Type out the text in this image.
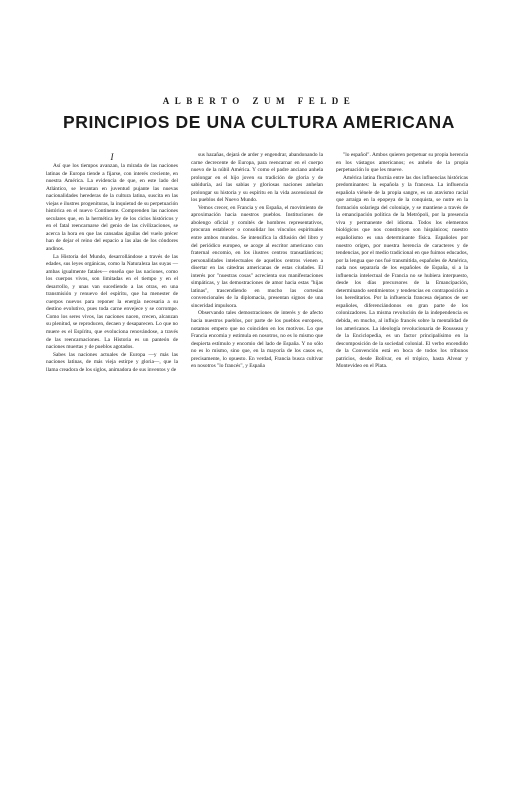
ALBERTO ZUM FELDE
PRINCIPIOS DE UNA CULTURA AMERICANA
I

Así que los tiempos avanzan, la mirada de las naciones latinas de Europa tiende a fijarse, con interés creciente, en nuestra América. La evidencia de que, en este lado del Atlántico, se levantan en juventud pujante las nuevas nacionalidades herederas de la cultura latina, suscita en las viejas e ilustres progenituras, la inquietud de su perpetuación histórica en el nuevo Continente. Comprenden las naciones seculares que, en la hermética ley de los ciclos históricos y en el fatal reencarnarse del genio de las civilizaciones, se acerca la hora en que las cansadas águilas del vuelo précer han de dejar el reino del espacio a las alas de los cóndores andinos.

La Historia del Mundo, desarrollándose a través de las edades, sus leyes orgánicas, como la Naturaleza las suyas —ambas igualmente fatales— enseña que las naciones, como los cuerpos vivos, son limitadas en el tiempo y en el desarrollo, y unas van sucediendo a las otras, en una transmisión y renuevo del espíritu, que ha menester de cuerpos nuevos para reponer la energía necesaria a su destino evolutivo, pues toda carne envejece y se corrompe. Como los seres vivos, las naciones nacen, crecen, alcanzan su plenitud, se reproducen, decaen y desaparecen. Lo que no muere es el Espíritu, que evoluciona renovándose, a través de las reencarnaciones. La Historia es un panteón de naciones muertas y de pueblos agotados.

Sabes las naciones actuales de Europa —y más las naciones latinas, de más vieja estirpe y gloria—, que la llama creadora de los siglos, animadora de sus inventos y de

sus hazañas, dejará de arder y engendrar, abandonando la carne decrecente de Europa, para reencarnar en el cuerpo nuevo de la núbil América. Y como el padre anciano anhela prolongar en el hijo joven su tradición de gloria y de sabiduría, así las sabias y gloriosas naciones anhelan prolongar su historia y su espíritu en la vida ascensional de los pueblos del Nuevo Mundo.

Vemos crecer, en Francia y en España, el movimiento de aproximación hacia nuestros pueblos. Instituciones de abolengo oficial y comités de hombres representativos, procuran establecer o consolidar los vínculos espirituales entre ambos mundos. Se intensifica la difusión del libro y del periódico europeo, se acoge al escritor americano con fraternal encomio, en los ilustres centros transatlánticos; personalidades intelectuales de aquellos centros vienen a disertar en las cátedras americanas de estas ciudades. El interés por "nuestras cosas" acrecienta sus manifestaciones simpáticas, y las demostraciones de amor hacia estas "hijas latinas", trascendiendo en mucho las cortesías convencionales de la diplomacia, presentan signos de una sinceridad impulsora.

Observando tales demostraciones de interés y de afecto hacia nuestros pueblos, por parte de los pueblos europeos, notamos empero que no coinciden en los motivos. Lo que Francia encomia y estimula en nosotros, no es lo mismo que despierta estímulo y encomio del lado de España. Y no sólo no es lo mismo, sino que, en la mayoría de los casos es, precisamente, lo opuesto. En verdad, Francia busca cultivar en nosotros "lo francés", y España

"lo español". Ambos quieren perpetuar su propia herencia en los vástagos americanos; es anhelo de la propia perpetuación lo que les mueve.

América latina fluctúa entre las dos influencias históricas predominantes: la española y la francesa. La influencia española viénele de la propia sangre, es un atavismo racial que arraiga en la epopeya de la conquista, se nutre en la formación solariega del coloniaje, y se mantiene a través de la emancipación política de la Metrópoli, por la presencia viva y permanente del idioma. Todos los elementos biológicos que nos constituyen son hispánicos; nuestro españolismo es una determinante física. Españoles por nuestro origen, por nuestra herencia de caracteres y de tendencias, por el medio tradicional en que fuimos educados, por la lengua que nos fué transmitida, españoles de América, nada nos separaría de los españoles de España, si a la influencia intelectual de Francia no se hubiera interpuesto, desde los días precursores de la Emancipación, determinando sentimientos y tendencias en contraposición a los hereditarios. Por la influencia francesa dejamos de ser españoles, diferenciándonos en gran parte de los colonizadores. La misma revolución de la independencia es debida, en mucho, al influjo francés sobre la mentalidad de los americanos. La ideología revolucionaria de Rousseau y de la Enciclopedia, es un factor principalísimo en la descomposición de la sociedad colonial. El verbo encendido de la Convención está en boca de todos los tribunos patricios, desde Bolívar, en el trópico, hasta Alvear y Montevideo en el Plata.
